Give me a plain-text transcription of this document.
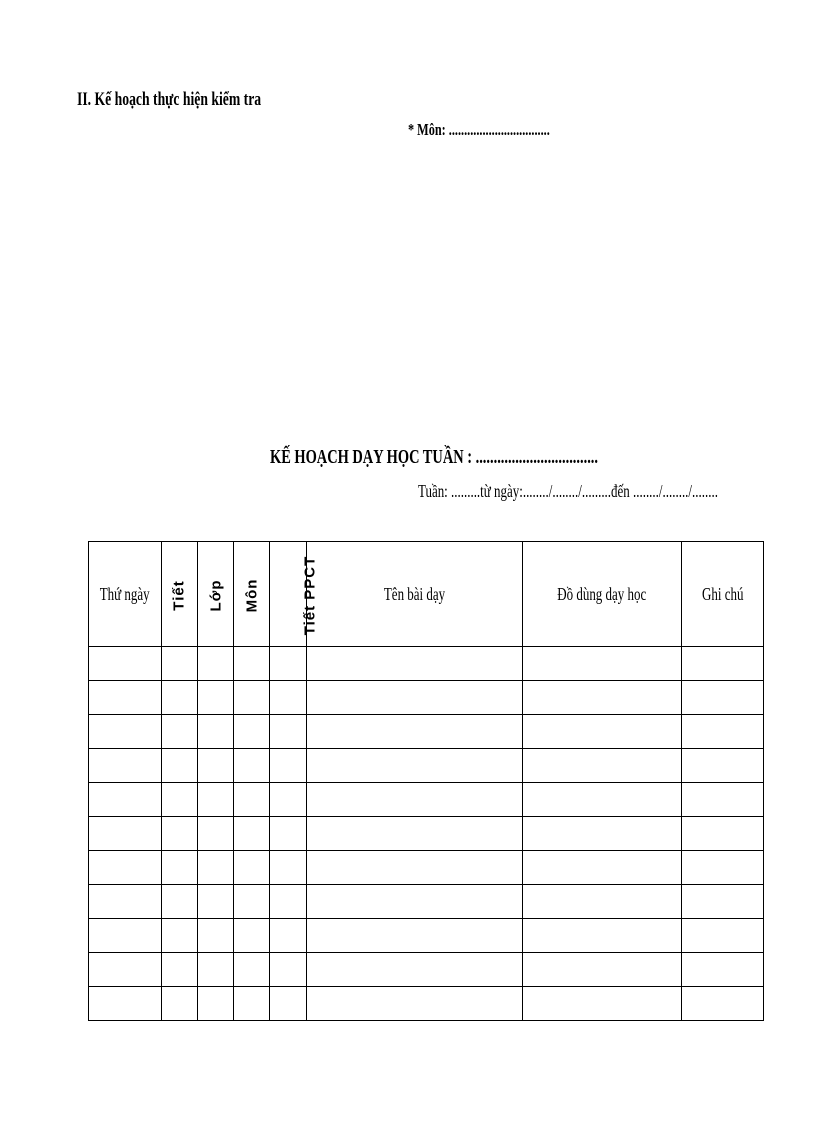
II. Kế hoạch thực hiện kiểm tra
* Môn: .................................
KẾ HOẠCH DẠY HỌC TUẦN : ..................................
Tuần: .........từ ngày:......../......../.........đến ......../......../........
Thứ ngày	Tiết	Lớp	Môn	Tiết PPCT	Tên bài dạy	Đồ dùng dạy học	Ghi chú
